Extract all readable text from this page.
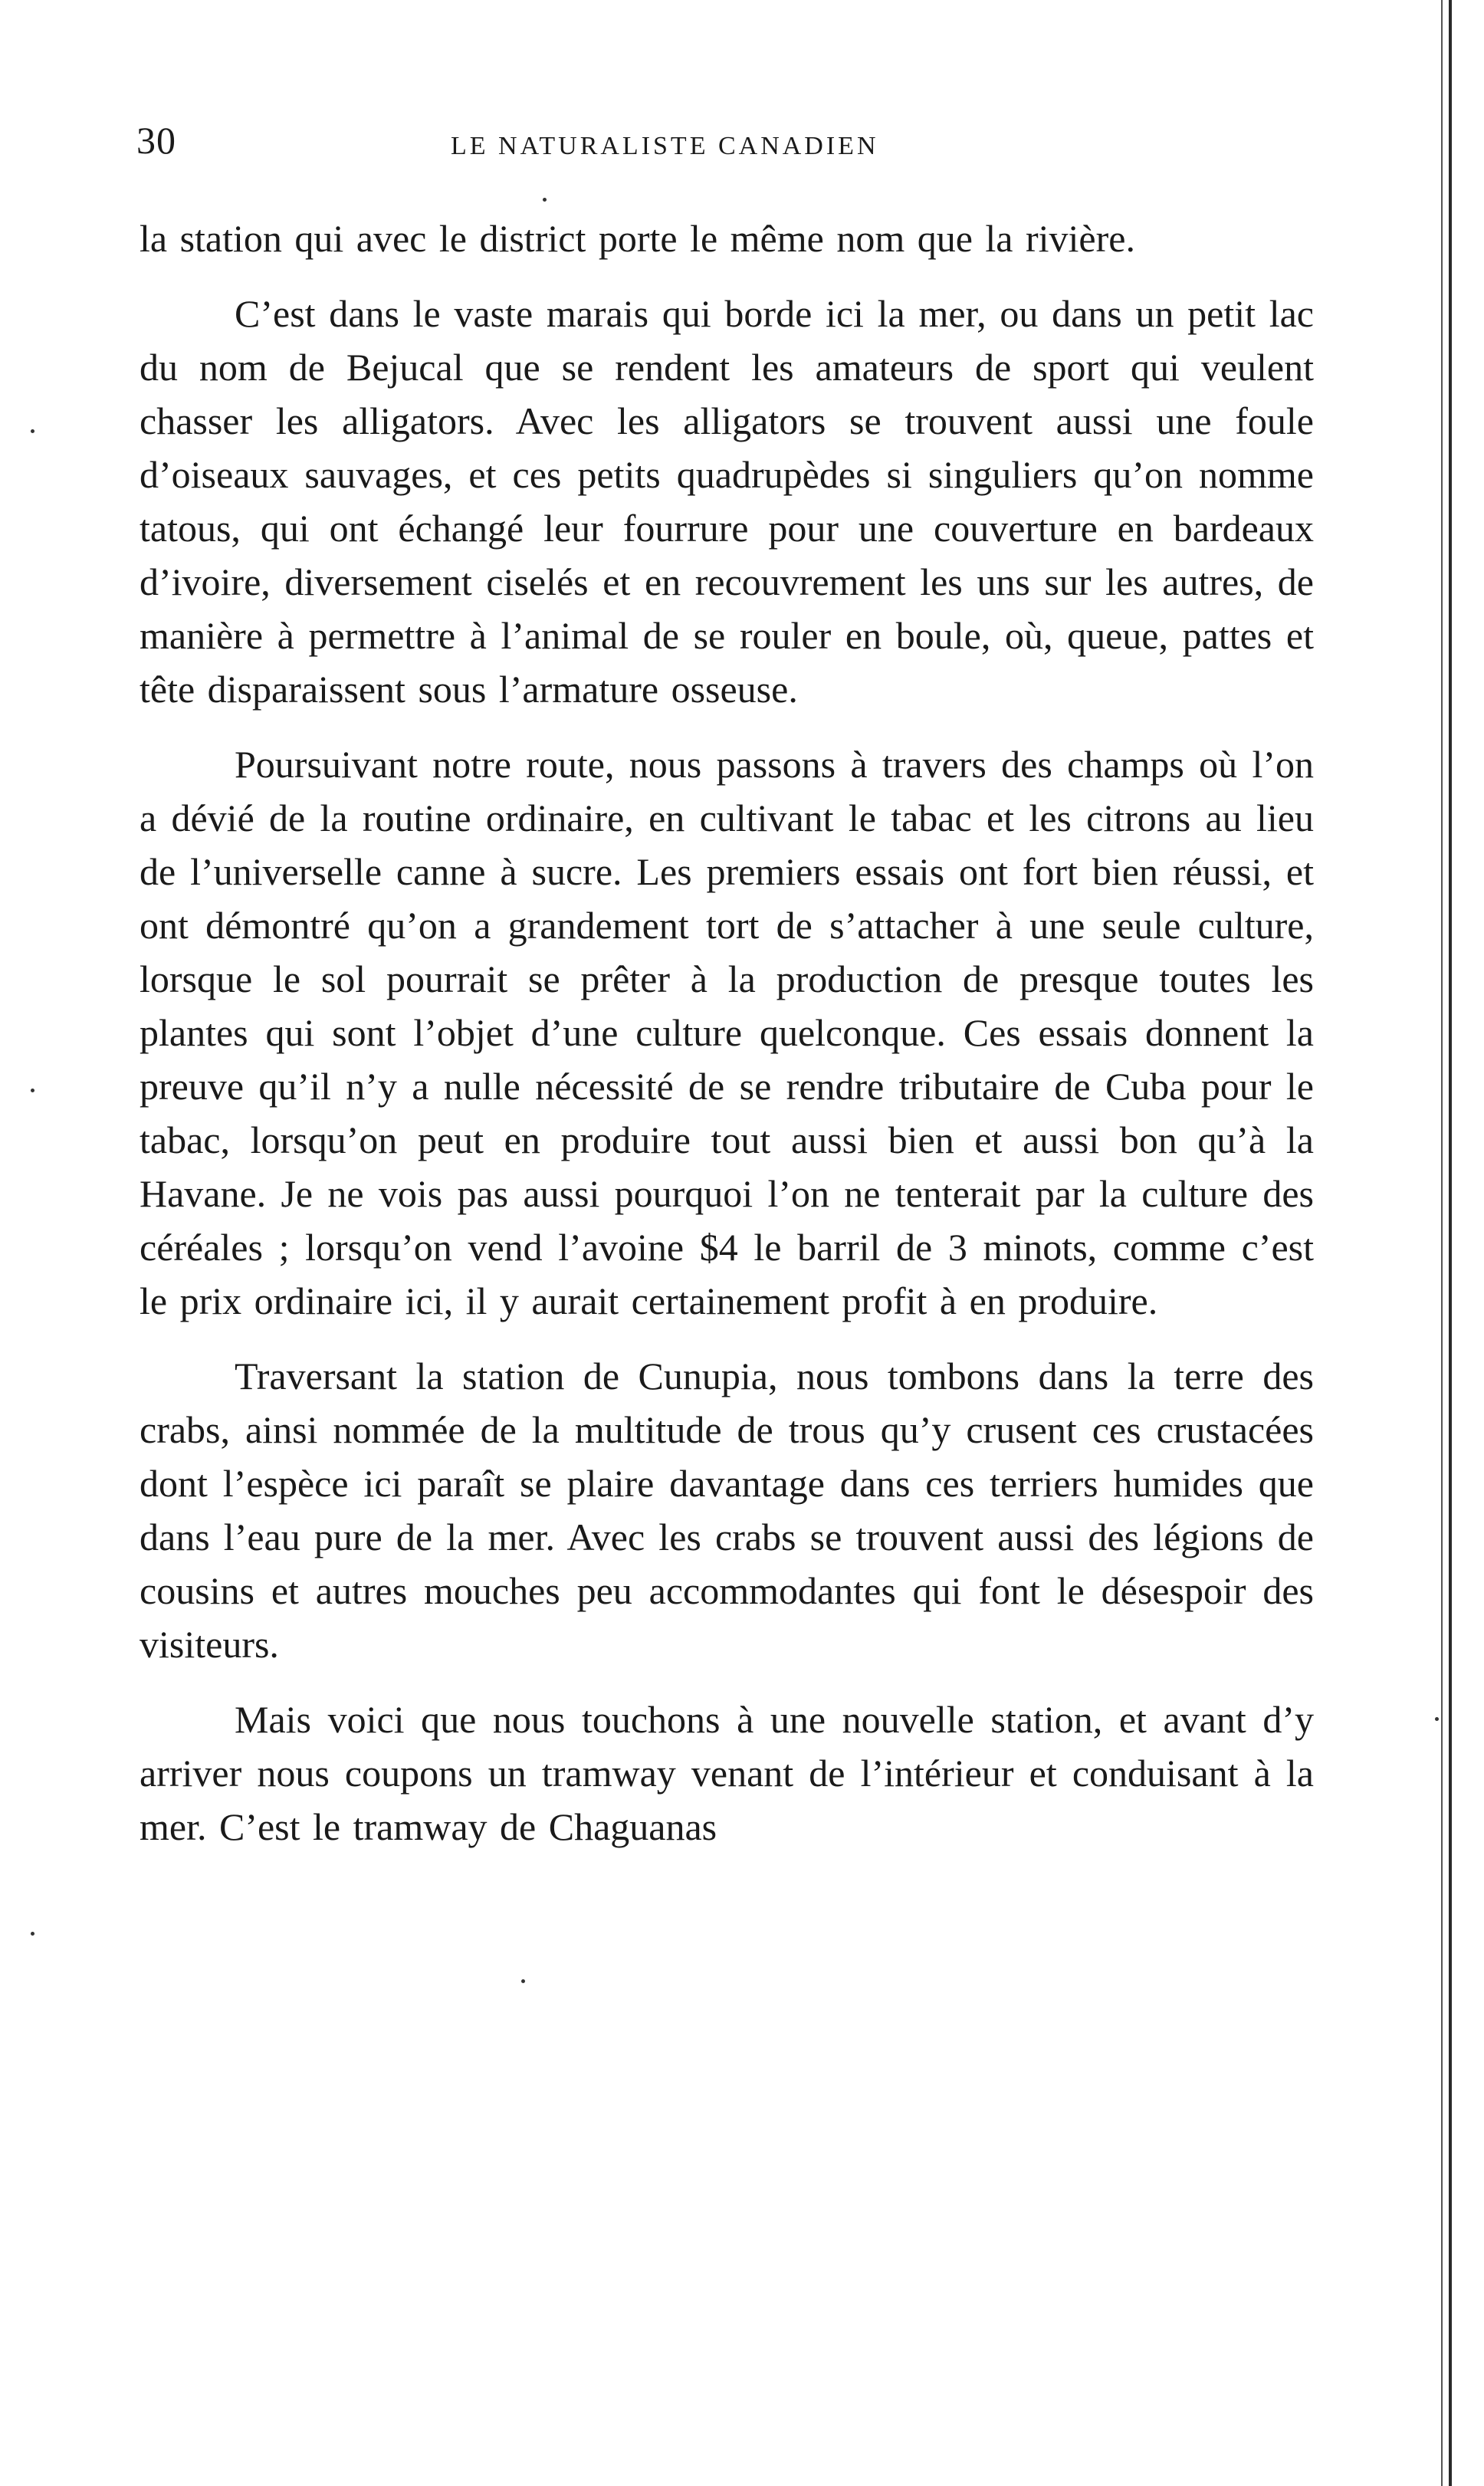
30	LE NATURALISTE CANADIEN

la station qui avec le district porte le même nom que la rivière.

C’est dans le vaste marais qui borde ici la mer, ou dans un petit lac du nom de Bejucal que se rendent les amateurs de sport qui veulent chasser les alligators. Avec les alligators se trouvent aussi une foule d’oiseaux sauvages, et ces petits quadrupèdes si singuliers qu’on nomme tatous, qui ont échangé leur fourrure pour une couverture en bardeaux d’ivoire, diversement ciselés et en recouvrement les uns sur les autres, de manière à permettre à l’animal de se rouler en boule, où, queue, pattes et tête disparaissent sous l’armature osseuse.

Poursuivant notre route, nous passons à travers des champs où l’on a dévié de la routine ordinaire, en cultivant le tabac et les citrons au lieu de l’universelle canne à sucre. Les premiers essais ont fort bien réussi, et ont démontré qu’on a grandement tort de s’attacher à une seule culture, lorsque le sol pourrait se prêter à la production de presque toutes les plantes qui sont l’objet d’une culture quelconque. Ces essais donnent la preuve qu’il n’y a nulle nécessité de se rendre tributaire de Cuba pour le tabac, lorsqu’on peut en produire tout aussi bien et aussi bon qu’à la Havane. Je ne vois pas aussi pourquoi l’on ne tenterait par la culture des céréales ; lorsqu’on vend l’avoine $4 le barril de 3 minots, comme c’est le prix ordinaire ici, il y aurait certainement profit à en produire.

Traversant la station de Cunupia, nous tombons dans la terre des crabs, ainsi nommée de la multitude de trous qu’y crusent ces crustacées dont l’espèce ici paraît se plaire davantage dans ces terriers humides que dans l’eau pure de la mer. Avec les crabs se trouvent aussi des légions de cousins et autres mouches peu accommodantes qui font le désespoir des visiteurs.

Mais voici que nous touchons à une nouvelle station, et avant d’y arriver nous coupons un tramway venant de l’intérieur et conduisant à la mer. C’est le tramway de Chaguanas
